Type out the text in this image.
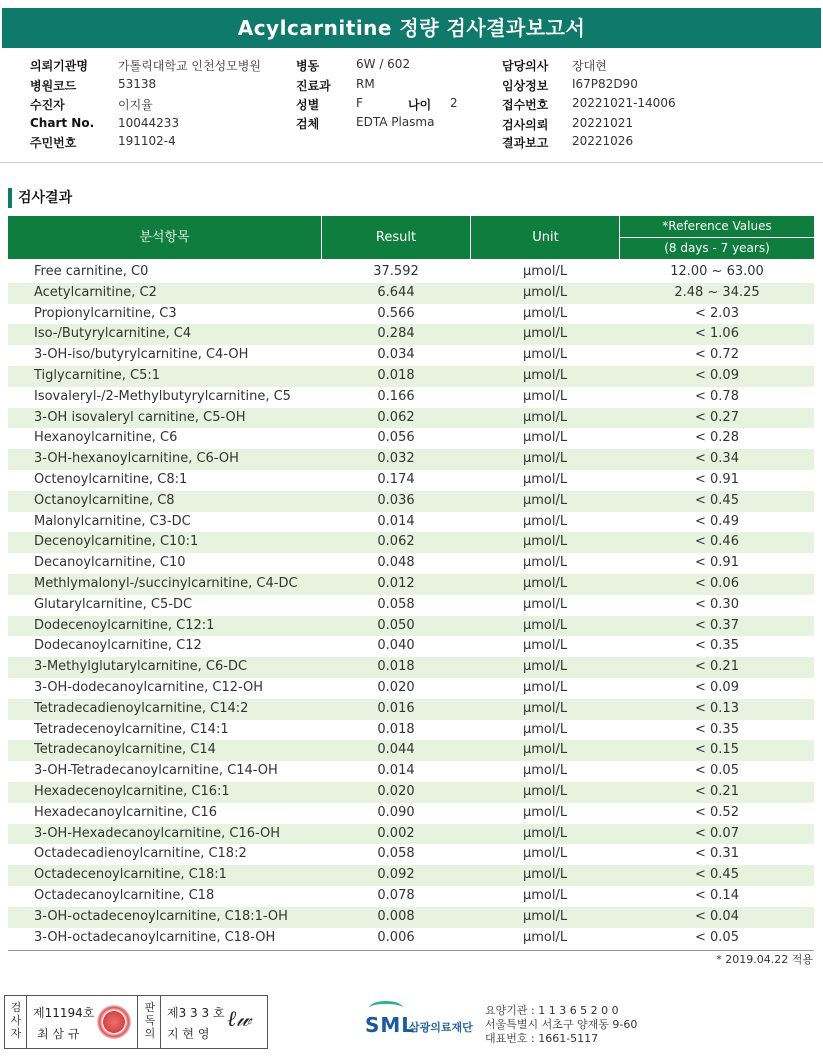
Acylcarnitine 정량 검사결과보고서
의뢰기관명	가톨릭대학교 인천성모병원
병원코드	53138
수진자	이지율
Chart No. 10044233
주민번호	191102-4
병동	6W / 602
진료과 RM
성별	F	나이 2
검체	EDTA Plasma
담당의사 장대현
임상정보 I67P82D90
접수번호 20221021-14006
검사의뢰 20221021
결과보고 20221026
검사결과
분석항목	Result	Unit
*Reference Values
(8 days - 7 years)
Free carnitine, C0	37.592	μmol/L	12.00 ~ 63.00
Acetylcarnitine, C2	6.644	μmol/L	2.48 ~ 34.25
Propionylcarnitine, C3	0.566	μmol/L	< 2.03
Iso-/Butyrylcarnitine, C4	0.284	μmol/L	< 1.06
3-OH-iso/butyrylcarnitine, C4-OH	0.034	μmol/L	< 0.72
Tiglycarnitine, C5:1	0.018	μmol/L	< 0.09
Isovaleryl-/2-Methylbutyrylcarnitine, C5	0.166	μmol/L	< 0.78
3-OH isovaleryl carnitine, C5-OH	0.062	μmol/L	< 0.27
Hexanoylcarnitine, C6	0.056	μmol/L	< 0.28
3-OH-hexanoylcarnitine, C6-OH	0.032	μmol/L	< 0.34
Octenoylcarnitine, C8:1	0.174	μmol/L	< 0.91
Octanoylcarnitine, C8	0.036	μmol/L	< 0.45
Malonylcarnitine, C3-DC	0.014	μmol/L	< 0.49
Decenoylcarnitine, C10:1	0.062	μmol/L	< 0.46
Decanoylcarnitine, C10	0.048	μmol/L	< 0.91
Methlymalonyl-/succinylcarnitine, C4-DC	0.012	μmol/L	< 0.06
Glutarylcarnitine, C5-DC	0.058	μmol/L	< 0.30
Dodecenoylcarnitine, C12:1	0.050	μmol/L	< 0.37
Dodecanoylcarnitine, C12	0.040	μmol/L	< 0.35
3-Methylglutarylcarnitine, C6-DC	0.018	μmol/L	< 0.21
3-OH-dodecanoylcarnitine, C12-OH	0.020	μmol/L	< 0.09
Tetradecadienoylcarnitine, C14:2	0.016	μmol/L	< 0.13
Tetradecenoylcarnitine, C14:1	0.018	μmol/L	< 0.35
Tetradecanoylcarnitine, C14	0.044	μmol/L	< 0.15
3-OH-Tetradecanoylcarnitine, C14-OH	0.014	μmol/L	< 0.05
Hexadecenoylcarnitine, C16:1	0.020	μmol/L	< 0.21
Hexadecanoylcarnitine, C16	0.090	μmol/L	< 0.52
3-OH-Hexadecanoylcarnitine, C16-OH	0.002	μmol/L	< 0.07
Octadecadienoylcarnitine, C18:2	0.058	μmol/L	< 0.31
Octadecenoylcarnitine, C18:1	0.092	μmol/L	< 0.45
Octadecanoylcarnitine, C18	0.078	μmol/L	< 0.14
3-OH-octadecenoylcarnitine, C18:1-OH	0.008	μmol/L	< 0.04
3-OH-octadecanoylcarnitine, C18-OH	0.006	μmol/L	< 0.05
* 2019.04.22 적용
검
사
자
제11194호
최 삼 규
판
독
의
제3 3 3 호
지 현 영
ℓ𝓌	SML
삼광의료재단
요양기관 : 1 1 3 6 5 2 0 0
서울특별시 서초구 양재동 9-60
대표번호 : 1661-5117
